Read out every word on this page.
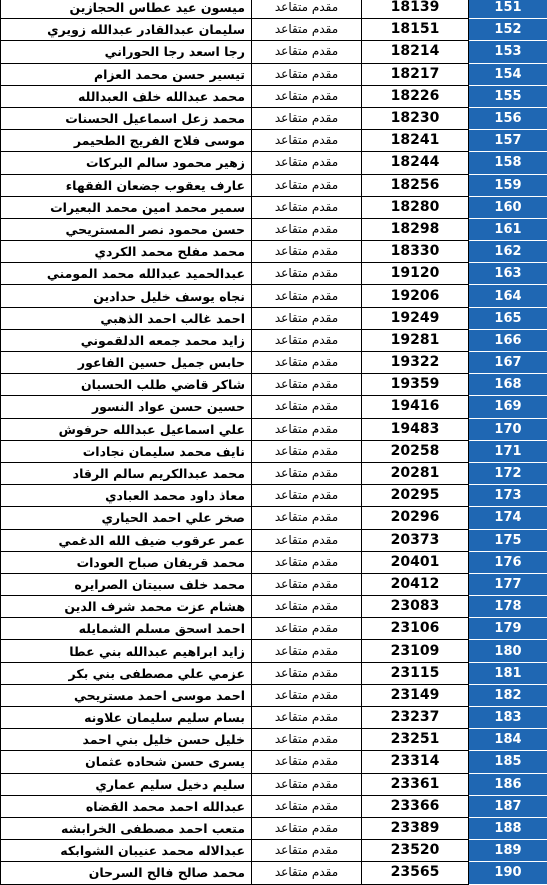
ميسون عيد عطاس الحجازين	مقدم متقاعد	18139	151
سليمان عبدالقادر عبدالله زويري	مقدم متقاعد	18151	152
رجا اسعد رجا الحوراني	مقدم متقاعد	18214	153
تيسير حسن محمد العزام	مقدم متقاعد	18217	154
محمد عبدالله خلف العبدالله	مقدم متقاعد	18226	155
محمد زعل اسماعيل الحسنات	مقدم متقاعد	18230	156
موسى فلاح الفريج الطحيمر	مقدم متقاعد	18241	157
زهير محمود سالم البركات	مقدم متقاعد	18244	158
عارف يعقوب جضعان الفقهاء	مقدم متقاعد	18256	159
سمير محمد امين محمد البعيرات	مقدم متقاعد	18280	160
حسن محمود نصر المستريحي	مقدم متقاعد	18298	161
محمد مفلح محمد الكردي	مقدم متقاعد	18330	162
عبدالحميد عبدالله محمد المومني	مقدم متقاعد	19120	163
نجاه يوسف خليل حدادين	مقدم متقاعد	19206	164
احمد غالب احمد الذهبي	مقدم متقاعد	19249	165
زايد محمد جمعه الدلقموني	مقدم متقاعد	19281	166
حابس جميل حسين الفاعور	مقدم متقاعد	19322	167
شاكر قاضي طلب الحسبان	مقدم متقاعد	19359	168
حسين حسن عواد النسور	مقدم متقاعد	19416	169
علي اسماعيل عبدالله حرفوش	مقدم متقاعد	19483	170
نايف محمد سليمان نجادات	مقدم متقاعد	20258	171
محمد عبدالكريم سالم الرقاد	مقدم متقاعد	20281	172
معاذ داود محمد العبادي	مقدم متقاعد	20295	173
صخر علي احمد الحياري	مقدم متقاعد	20296	174
عمر عرقوب ضيف الله الدغمي	مقدم متقاعد	20373	175
محمد قريفان صباح العودات	مقدم متقاعد	20401	176
محمد خلف سبيتان الصرايره	مقدم متقاعد	20412	177
هشام عزت محمد شرف الدين	مقدم متقاعد	23083	178
احمد اسحق مسلم الشمايله	مقدم متقاعد	23106	179
زايد ابراهيم عبدالله بني عطا	مقدم متقاعد	23109	180
عزمي علي مصطفى بني بكر	مقدم متقاعد	23115	181
احمد موسى احمد مستريحي	مقدم متقاعد	23149	182
بسام سليم سليمان علاونه	مقدم متقاعد	23237	183
خليل حسن خليل بني احمد	مقدم متقاعد	23251	184
يسرى حسن شحاده عثمان	مقدم متقاعد	23314	185
سليم دخيل سليم عماري	مقدم متقاعد	23361	186
عبدالله احمد محمد القضاه	مقدم متقاعد	23366	187
متعب احمد مصطفى الخرابشه	مقدم متقاعد	23389	188
عبدالاله محمد عنيبان الشوابكه	مقدم متقاعد	23520	189
محمد صالح فالح السرحان	مقدم متقاعد	23565	190
